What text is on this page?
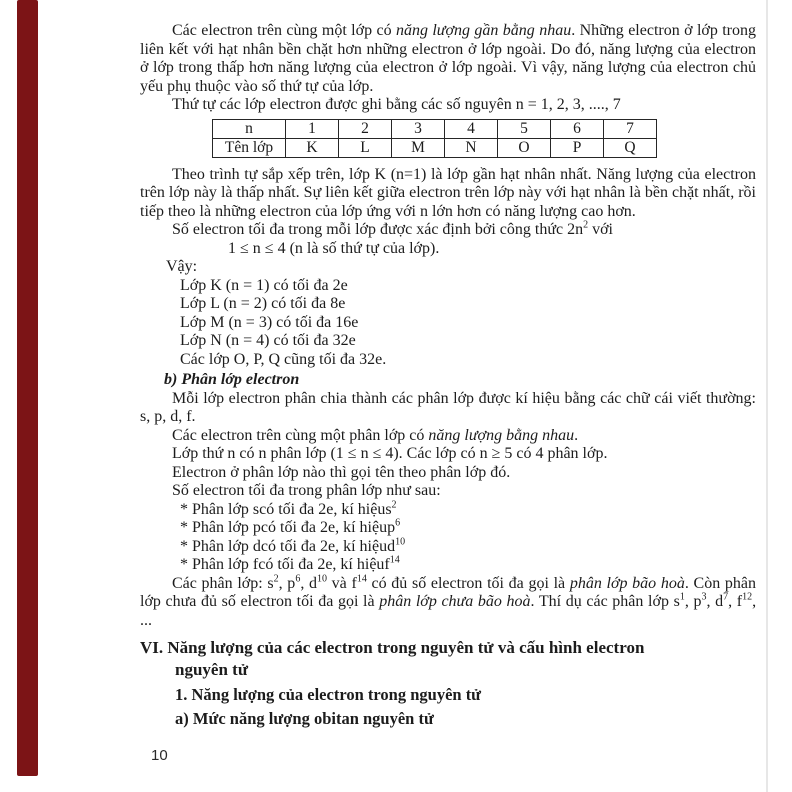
Các electron trên cùng một lớp có năng lượng gần bằng nhau. Những electron ở lớp trong liên kết với hạt nhân bền chặt hơn những electron ở lớp ngoài. Do đó, năng lượng của electron ở lớp trong thấp hơn năng lượng của electron ở lớp ngoài. Vì vậy, năng lượng của electron chủ yếu phụ thuộc vào số thứ tự của lớp.
Thứ tự các lớp electron được ghi bằng các số nguyên n = 1, 2, 3, ...., 7
n	1	2	3	4	5	6	7
Tên lớp	K	L	M	N	O	P	Q
Theo trình tự sắp xếp trên, lớp K (n=1) là lớp gần hạt nhân nhất. Năng lượng của electron trên lớp này là thấp nhất. Sự liên kết giữa electron trên lớp này với hạt nhân là bền chặt nhất, rồi tiếp theo là những electron của lớp ứng với n lớn hơn có năng lượng cao hơn.
Số electron tối đa trong mỗi lớp được xác định bởi công thức $2n^2$ với
1 ≤ n ≤ 4 (n là số thứ tự của lớp).
Vậy:
Lớp K (n = 1) có tối đa 2e
Lớp L (n = 2) có tối đa 8e
Lớp M (n = 3) có tối đa 16e
Lớp N (n = 4) có tối đa 32e
Các lớp O, P, Q cũng tối đa 32e.
b) Phân lớp electron
Mỗi lớp electron phân chia thành các phân lớp được kí hiệu bằng các chữ cái viết thường: s, p, d, f.
Các electron trên cùng một phân lớp có năng lượng bằng nhau.
Lớp thứ n có n phân lớp (1 ≤ n ≤ 4). Các lớp có n ≥ 5 có 4 phân lớp.
Electron ở phân lớp nào thì gọi tên theo phân lớp đó.
Số electron tối đa trong phân lớp như sau:
* Phân lớp scó tối đa 2e, kí hiệus$^2$
* Phân lớp pcó tối đa 2e, kí hiệup$^6$
* Phân lớp dcó tối đa 2e, kí hiệud$^{10}$
* Phân lớp fcó tối đa 2e, kí hiệuf$^{14}$
Các phân lớp: $s^2$, $p^6$, $d^{10}$ và $f^{14}$ có đủ số electron tối đa gọi là phân lớp bão hoà. Còn phân lớp chưa đủ số electron tối đa gọi là phân lớp chưa bão hoà. Thí dụ các phân lớp $s^1$, $p^3$, $d^7$, $f^{12}$, ...
VI. Năng lượng của các electron trong nguyên tử và cấu hình electron
nguyên tử
1. Năng lượng của electron trong nguyên tử
a) Mức năng lượng obitan nguyên tử
10
